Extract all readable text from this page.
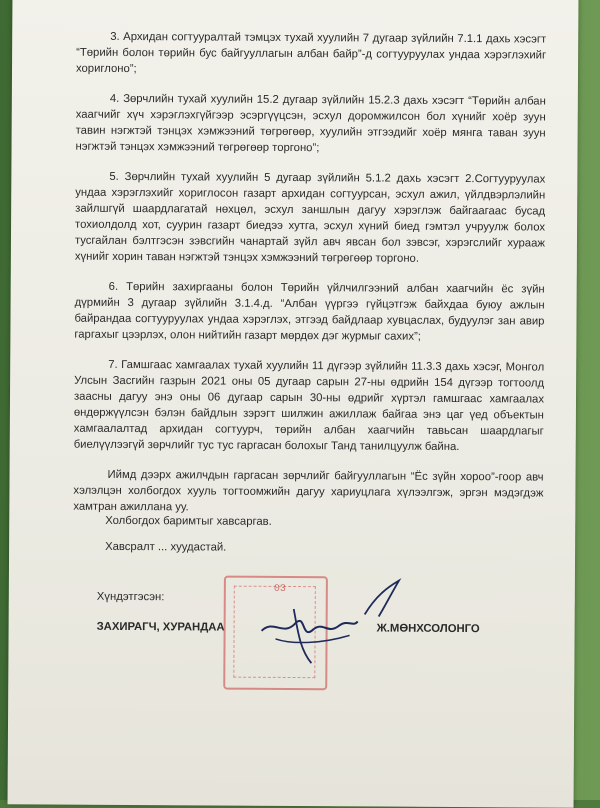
3. Архидан согтууралтай тэмцэх тухай хуулийн 7 дугаар зүйлийн 7.1.1 дахь хэсэгт “Төрийн болон төрийн бус байгууллагын албан байр”-д согтууруулах ундаа хэрэглэхийг хориглоно”;

4. Зөрчлийн тухай хуулийн 15.2 дугаар зүйлийн 15.2.3 дахь хэсэгт “Төрийн албан хаагчийг хүч хэрэглэхгүйгээр эсэргүүцсэн, эсхул доромжилсон бол хүнийг хоёр зуун тавин нэгжтэй тэнцэх хэмжээний төгрөгөөр, хуулийн этгээдийг хоёр мянга таван зуун нэгжтэй тэнцэх хэмжээний төгрөгөөр торгоно”;

5. Зөрчлийн тухай хуулийн 5 дугаар зүйлийн 5.1.2 дахь хэсэгт 2.Согтууруулах ундаа хэрэглэхийг хориглосон газарт архидан согтуурсан, эсхул ажил, үйлдвэрлэлийн зайлшгүй шаардлагатай нөхцөл, эсхул заншлын дагуу хэрэглэж байгаагаас бусад тохиолдолд хот, суурин газарт биедээ хутга, эсхул хүний биед гэмтэл учруулж болох тусгайлан бэлтгэсэн зэвсгийн чанартай зүйл авч явсан бол зэвсэг, хэрэгслийг хурааж хүнийг хорин таван нэгжтэй тэнцэх хэмжээний төгрөгөөр торгоно.

6. Төрийн захиргааны болон Төрийн үйлчилгээний албан хаагчийн ёс зүйн дүрмийн 3 дугаар зүйлийн 3.1.4.д. “Албан үүргээ гүйцэтгэж байхдаа буюу ажлын байрандаа согтууруулах ундаа хэрэглэх, этгээд байдлаар хувцаслах, будуулэг зан авир гаргахыг цээрлэх, олон нийтийн газарт мөрдөх дэг журмыг сахих”;

7. Гамшгаас хамгаалах тухай хуулийн 11 дүгээр зүйлийн 11.3.3 дахь хэсэг, Монгол Улсын Засгийн газрын 2021 оны 05 дугаар сарын 27-ны өдрийн 154 дүгээр тогтоолд заасны дагуу энэ оны 06 дугаар сарын 30-ны өдрийг хүртэл гамшгаас хамгаалах өндөржүүлсэн бэлэн байдлын зэрэгт шилжин ажиллаж байгаа энэ цаг үед объектын хамгаалалтад архидан согтуурч, төрийн албан хаагчийн тавьсан шаардлагыг биелүүлээгүй зөрчлийг тус тус гаргасан болохыг Танд танилцуулж байна.

Иймд дээрх ажилчдын гаргасан зөрчлийг байгууллагын “Ёс зүйн хороо”-гоор авч хэлэлцэн холбогдох хууль тогтоомжийн дагуу хариуцлага хүлээлгэж, эргэн мэдэгдэж хамтран ажиллана уу.

Холбогдох баримтыг хавсаргав.
Хавсралт ... хуудастай.
Хүндэтгэсэн:
ЗАХИРАГЧ, ХУРАНДАА	Ж.МӨНХСОЛОНГО
03
